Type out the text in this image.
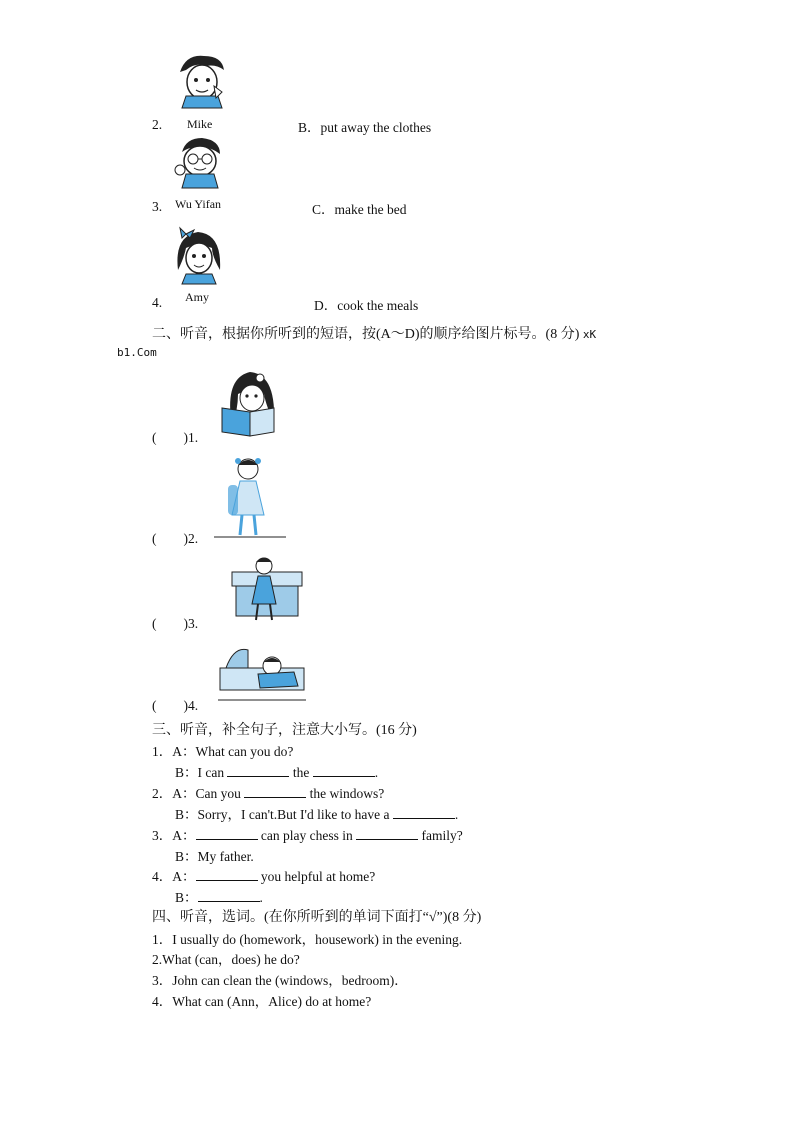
2. Mike	B．put away the clothes
3. Wu Yifan	C．make the bed
4. Amy
D．cook the meals
二、听音，根据你所听到的短语，按(A～D)的顺序给图片标号。(8 分) xK
b1.Com
(　　)1.
(　　)2.
(　　)3.
(　　)4.
三、听音，补全句子，注意大小写。(16 分)
1．A：What can you do?
B：I can	the	.
2．A：Can you	the windows?
B：Sorry，I can't.But I'd like to have a	.
3．A：	can play chess in	family?
B：My father.
4．A：	you helpful at home?
B：	.
四、听音，选词。(在你所听到的单词下面打“√”)(8 分)
1．I usually do (homework，housework) in the evening.
2.What (can，does) he do?
3．John can clean the (windows，bedroom)．
4．What can (Ann，Alice) do at home?
